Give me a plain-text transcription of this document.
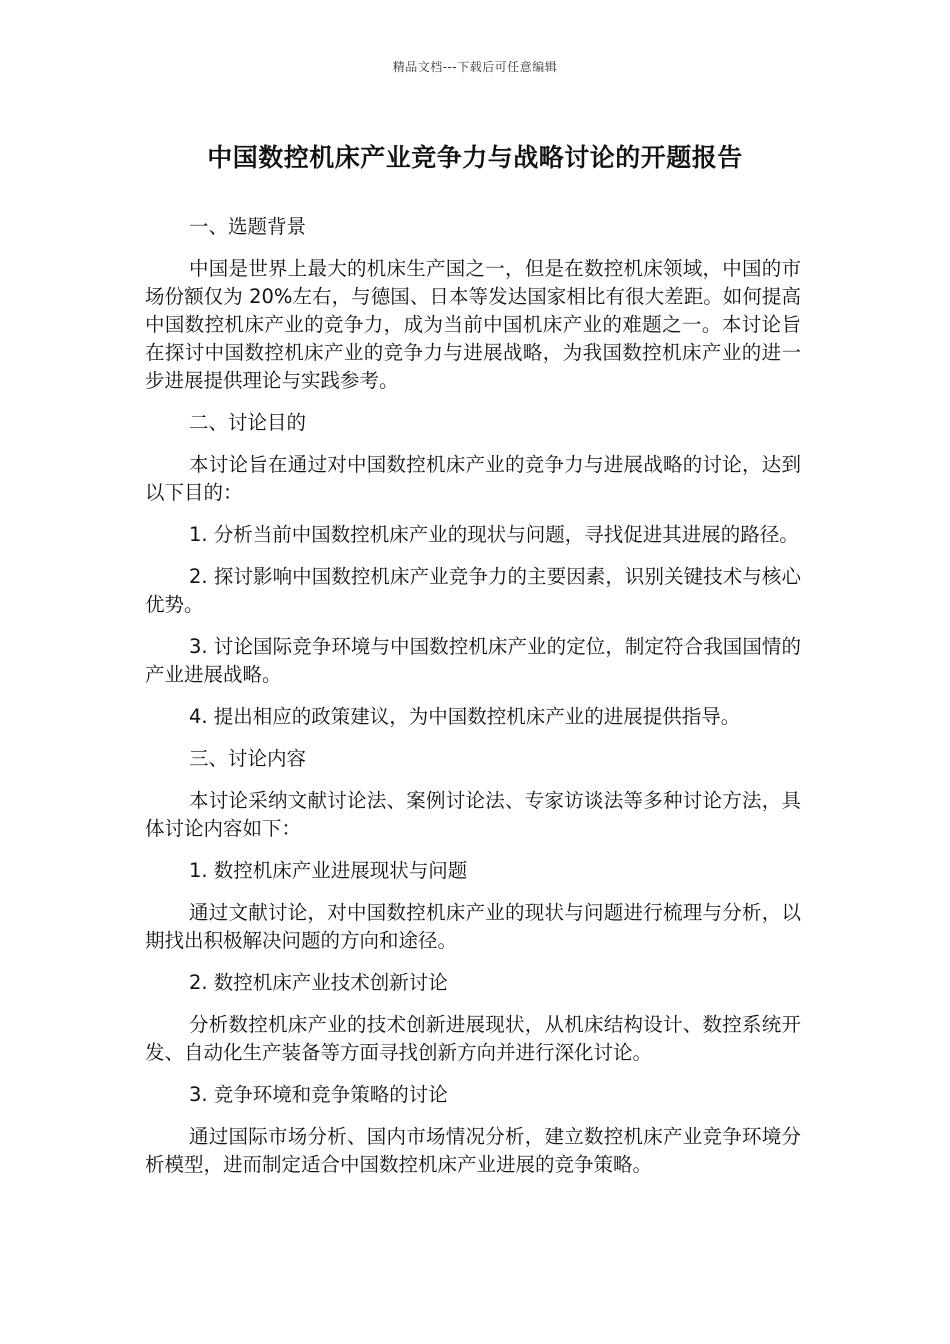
精品文档---下载后可任意编辑
中国数控机床产业竞争力与战略讨论的开题报告

一、选题背景

中国是世界上最大的机床生产国之一，但是在数控机床领域，中国的市场份额仅为 20%左右，与德国、日本等发达国家相比有很大差距。如何提高中国数控机床产业的竞争力，成为当前中国机床产业的难题之一。本讨论旨在探讨中国数控机床产业的竞争力与进展战略，为我国数控机床产业的进一步进展提供理论与实践参考。

二、讨论目的

本讨论旨在通过对中国数控机床产业的竞争力与进展战略的讨论，达到以下目的：

1. 分析当前中国数控机床产业的现状与问题，寻找促进其进展的路径。

2. 探讨影响中国数控机床产业竞争力的主要因素，识别关键技术与核心优势。

3. 讨论国际竞争环境与中国数控机床产业的定位，制定符合我国国情的产业进展战略。

4. 提出相应的政策建议，为中国数控机床产业的进展提供指导。

三、讨论内容

本讨论采纳文献讨论法、案例讨论法、专家访谈法等多种讨论方法，具体讨论内容如下：

1. 数控机床产业进展现状与问题

通过文献讨论，对中国数控机床产业的现状与问题进行梳理与分析，以期找出积极解决问题的方向和途径。

2. 数控机床产业技术创新讨论

分析数控机床产业的技术创新进展现状，从机床结构设计、数控系统开发、自动化生产装备等方面寻找创新方向并进行深化讨论。

3. 竞争环境和竞争策略的讨论

通过国际市场分析、国内市场情况分析，建立数控机床产业竞争环境分析模型，进而制定适合中国数控机床产业进展的竞争策略。
